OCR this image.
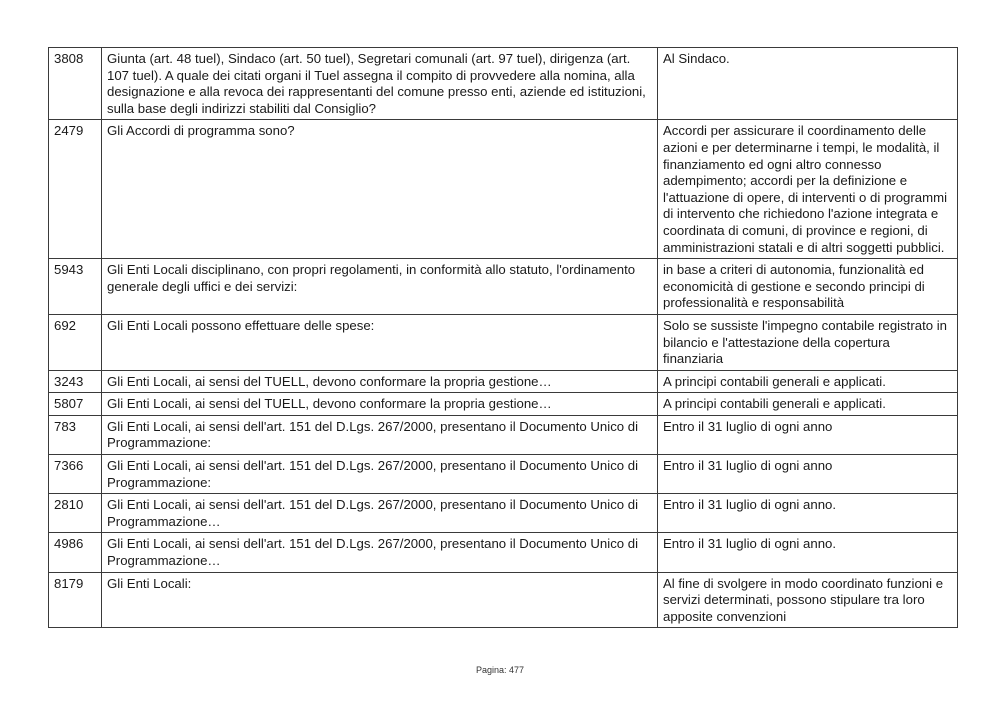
3808	Giunta (art. 48 tuel), Sindaco (art. 50 tuel), Segretari comunali (art. 97 tuel), dirigenza (art. 107 tuel). A quale dei citati organi il Tuel assegna il compito di provvedere alla nomina, alla designazione e alla revoca dei rappresentanti del comune presso enti, aziende ed istituzioni, sulla base degli indirizzi stabiliti dal Consiglio?	Al Sindaco.
2479	Gli Accordi di programma sono?	Accordi per assicurare il coordinamento delle azioni e per determinarne i tempi, le modalità, il finanziamento ed ogni altro connesso adempimento; accordi per la definizione e l'attuazione di opere, di interventi o di programmi di intervento che richiedono l'azione integrata e coordinata di comuni, di province e regioni, di amministrazioni statali e di altri soggetti pubblici.
5943	Gli Enti Locali disciplinano, con propri regolamenti, in conformità allo statuto, l'ordinamento generale degli uffici e dei servizi:	in base a criteri di autonomia, funzionalità ed economicità di gestione e secondo principi di professionalità e responsabilità
692	Gli Enti Locali possono effettuare delle spese:	Solo se sussiste l'impegno contabile registrato in bilancio e l'attestazione della copertura finanziaria
3243	Gli Enti Locali, ai sensi del TUELL, devono conformare la propria gestione…	A principi contabili generali e applicati.
5807	Gli Enti Locali, ai sensi del TUELL, devono conformare la propria gestione…	A principi contabili generali e applicati.
783	Gli Enti Locali, ai sensi dell'art. 151 del D.Lgs. 267/2000, presentano il Documento Unico di Programmazione:	Entro il 31 luglio di ogni anno
7366	Gli Enti Locali, ai sensi dell'art. 151 del D.Lgs. 267/2000, presentano il Documento Unico di Programmazione:	Entro il 31 luglio di ogni anno
2810	Gli Enti Locali, ai sensi dell'art. 151 del D.Lgs. 267/2000, presentano il Documento Unico di Programmazione…	Entro il 31 luglio di ogni anno.
4986	Gli Enti Locali, ai sensi dell'art. 151 del D.Lgs. 267/2000, presentano il Documento Unico di Programmazione…	Entro il 31 luglio di ogni anno.
8179	Gli Enti Locali:	Al fine di svolgere in modo coordinato funzioni e servizi determinati, possono stipulare tra loro apposite convenzioni
Pagina: 477
